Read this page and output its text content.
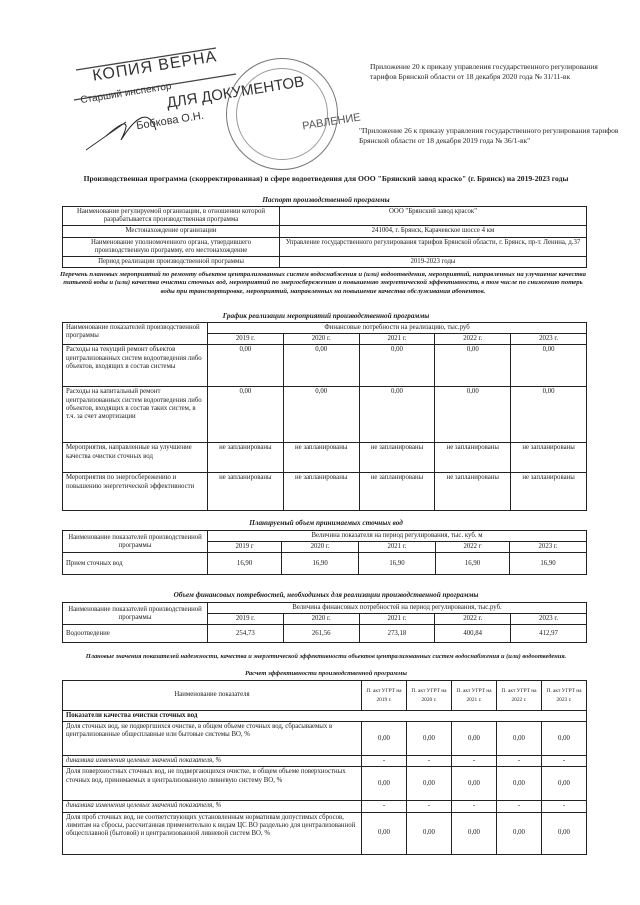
КОПИЯ ВЕРНА
ДЛЯ ДОКУМЕНТОВ
Старший инспектор
Бобкова О.Н.	РАВЛЕНИЕ
Приложение 20 к приказу управления государственного регулирования тарифов Брянской области от 18 декабря 2020 года № 31/11-вк
"Приложение 26 к приказу управления государственного регулирования тарифов Брянской области от 18 декабря 2019 года № 36/1-вк"
Производственная программа (скорректированная) в сфере водоотведения для ООО "Брянский завод краско" (г. Брянск) на 2019-2023 годы
Паспорт производственной программы
Наименование регулируемой организации, в отношении которой разрабатывается производственная программа	ООО "Брянский завод красок"
Местонахождение организации	241004, г. Брянск, Карачевское шоссе 4 км
Наименование уполномоченного органа, утвердившего производственную программу, его местонахождение	Управление государственного регулирования тарифов Брянской области, г. Брянск, пр-т. Ленина, д.37
Период реализации производственной программы	2019-2023 годы
Перечень плановых мероприятий по ремонту объектов централизованных систем водоснабжения и (или) водоотведения, мероприятий, направленных на улучшение качества питьевой воды и (или) качества очистки сточных вод, мероприятий по энергосбережению и повышению энергетической эффективности, в том числе по снижению потерь воды при транспортировке, мероприятий, направленных на повышение качества обслуживания абонентов.
График реализации мероприятий производственной программы
Наименование показателей производственной программы	Финансовые потребности на реализацию, тыс.руб				
	2019 г.	2020 г.	2021 г.	2022 г.	2023 г.
Расходы на текущий ремонт объектов централизованных систем водоотведения либо объектов, входящих в состав системы	0,00	0,00	0,00	0,00	0,00
Расходы на капитальный ремонт централизованных систем водоотведения либо объектов, входящих в состав таких систем, в т.ч. за счет амортизации	0,00	0,00	0,00	0,00	0,00
Мероприятия, направленные на улучшение качества очистки сточных вод	не запланированы	не запланированы	не запланированы	не запланированы	не запланированы
Мероприятия по энергосбережению и повышению энергетической эффективности	не запланированы	не запланированы	не запланированы	не запланированы	не запланированы
Планируемый объем принимаемых сточных вод
Наименование показателей производственной программы	Величина показателя на период регулирования, тыс. куб. м				
	2019 г	2020 г.	2021 г.	2022 г	2023 г.
Прием сточных вод	16,90	16,90	16,90	16,90	16,90
Объем финансовых потребностей, необходимых для реализации производственной программы
Наименование показателей производственной программы	Величина финансовых потребностей на период регулирования, тыс.руб.				
	2019 г.	2020 г.	2021 г.	2022 г.	2023 г.
Водоотведение	254,73	261,56	273,18	400,84	412,97
Плановые значения показателей надежности, качества и энергетической эффективности объектов централизованных систем водоснабжения и (или) водоотведения.
Расчет эффективности производственной программы
Наименование показателя	П. акт УГРТ на 2019 г.	П. акт УГРТ на 2020 г.	П. акт УГРТ на 2021 г.	П. акт УГРТ на 2022 г.	П. акт УГРТ на 2023 г.
Показатели качества очистки сточных вод					
Доля сточных вод, не подвергшихся очистке, в общем объеме сточных вод, сбрасываемых в централизованные общесплавные или бытовые системы ВО, %	0,00	0,00	0,00	0,00	0,00
динамика изменения целевых значений показателя, %	-	-	-	-	-
Доля поверхностных сточных вод, не подвергающихся очистке, в общем объеме поверхностных сточных вод, принимаемых в централизованную ливневую систему ВО, %	0,00	0,00	0,00	0,00	0,00
динамика изменения целевых значений показателя, %	-	-	-	-	-
Доля проб сточных вод, не соответствующих установленным нормативам допустимых сбросов, лимитам на сбросы, рассчитанная применительно к видам ЦС ВО раздельно для централизованной общесплавной (бытовой) и централизованной ливневой систем ВО, %	0,00	0,00	0,00	0,00	0,00
